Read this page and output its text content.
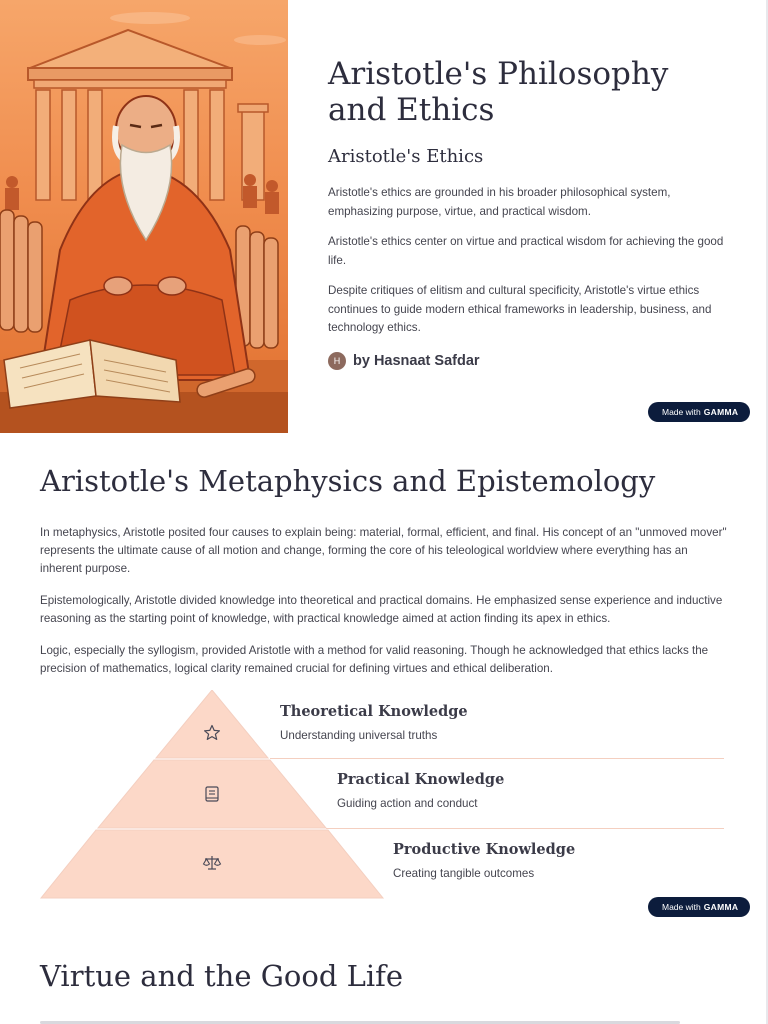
Aristotle's Philosophy and Ethics
Aristotle's Ethics

Aristotle's ethics are grounded in his broader philosophical system, emphasizing purpose, virtue, and practical wisdom.

Aristotle's ethics center on virtue and practical wisdom for achieving the good life.

Despite critiques of elitism and cultural specificity, Aristotle's virtue ethics continues to guide modern ethical frameworks in leadership, business, and technology ethics.

H by Hasnaat Safdar
Made with GAMMA
Aristotle's Metaphysics and Epistemology

In metaphysics, Aristotle posited four causes to explain being: material, formal, efficient, and final. His concept of an "unmoved mover" represents the ultimate cause of all motion and change, forming the core of his teleological worldview where everything has an inherent purpose.

Epistemologically, Aristotle divided knowledge into theoretical and practical domains. He emphasized sense experience and inductive reasoning as the starting point of knowledge, with practical knowledge aimed at action finding its apex in ethics.

Logic, especially the syllogism, provided Aristotle with a method for valid reasoning. Though he acknowledged that ethics lacks the precision of mathematics, logical clarity remained crucial for defining virtues and ethical deliberation.

Theoretical Knowledge
Understanding universal truths
Practical Knowledge
Guiding action and conduct
Productive Knowledge
Creating tangible outcomes
Made with GAMMA
Virtue and the Good Life
